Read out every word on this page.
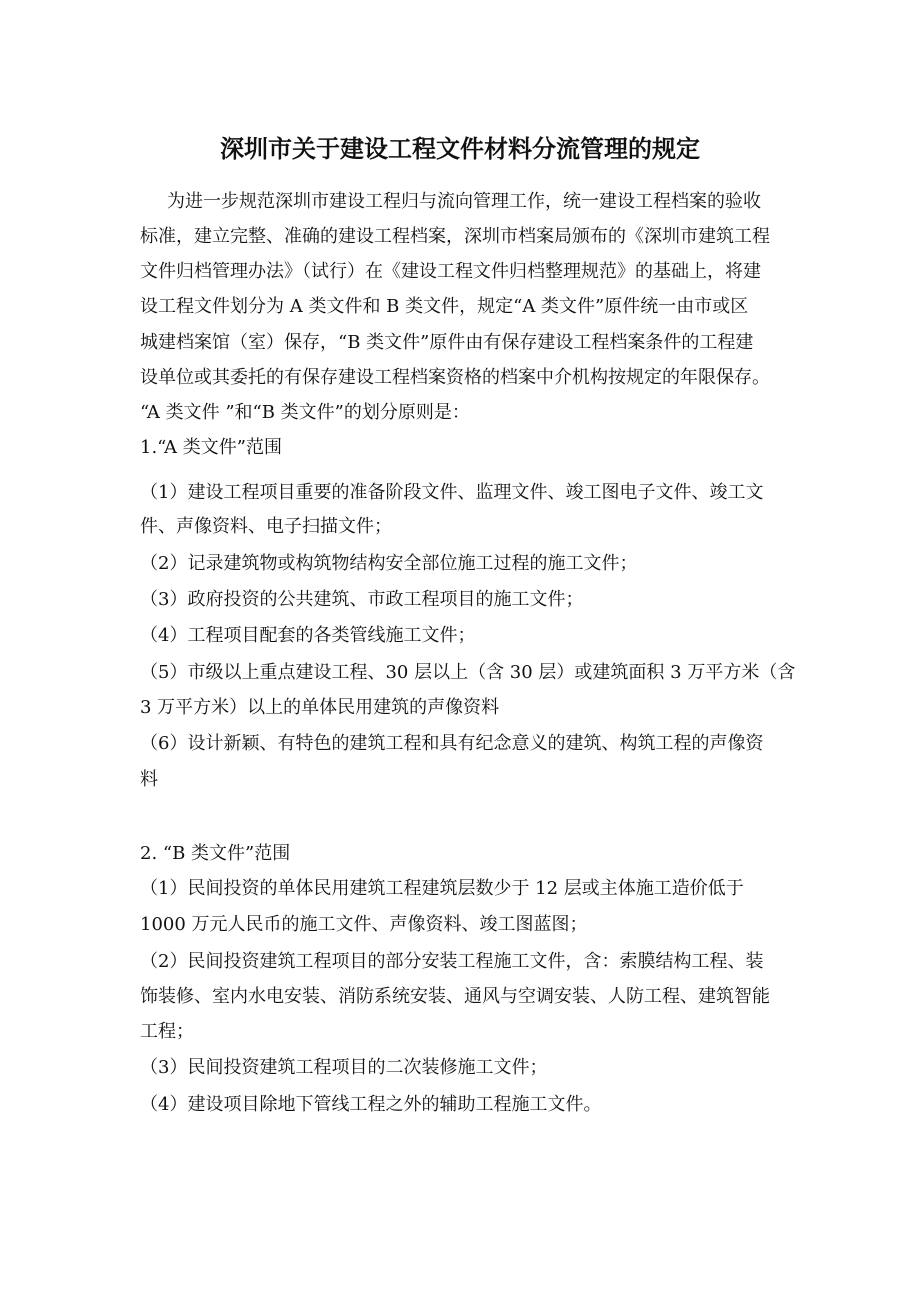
深圳市关于建设工程文件材料分流管理的规定
为进一步规范深圳市建设工程归与流向管理工作，统一建设工程档案的验收
标准，建立完整、准确的建设工程档案，深圳市档案局颁布的《深圳市建筑工程
文件归档管理办法》（试行）在《建设工程文件归档整理规范》的基础上，将建
设工程文件划分为 A 类文件和 B 类文件，规定“A 类文件”原件统一由市或区
城建档案馆（室）保存，“B 类文件”原件由有保存建设工程档案条件的工程建
设单位或其委托的有保存建设工程档案资格的档案中介机构按规定的年限保存。
“A 类文件 ”和“B 类文件”的划分原则是：
1.“A 类文件”范围
（1）建设工程项目重要的准备阶段文件、监理文件、竣工图电子文件、竣工文
件、声像资料、电子扫描文件；
（2）记录建筑物或构筑物结构安全部位施工过程的施工文件；
（3）政府投资的公共建筑、市政工程项目的施工文件；
（4）工程项目配套的各类管线施工文件；
（5）市级以上重点建设工程、30 层以上（含 30 层）或建筑面积 3 万平方米（含
3 万平方米）以上的单体民用建筑的声像资料
（6）设计新颖、有特色的建筑工程和具有纪念意义的建筑、构筑工程的声像资
料
2. “B 类文件”范围
（1）民间投资的单体民用建筑工程建筑层数少于 12 层或主体施工造价低于
1000 万元人民币的施工文件、声像资料、竣工图蓝图；
（2）民间投资建筑工程项目的部分安装工程施工文件，含：索膜结构工程、装
饰装修、室内水电安装、消防系统安装、通风与空调安装、人防工程、建筑智能
工程；
（3）民间投资建筑工程项目的二次装修施工文件；
（4）建设项目除地下管线工程之外的辅助工程施工文件。
